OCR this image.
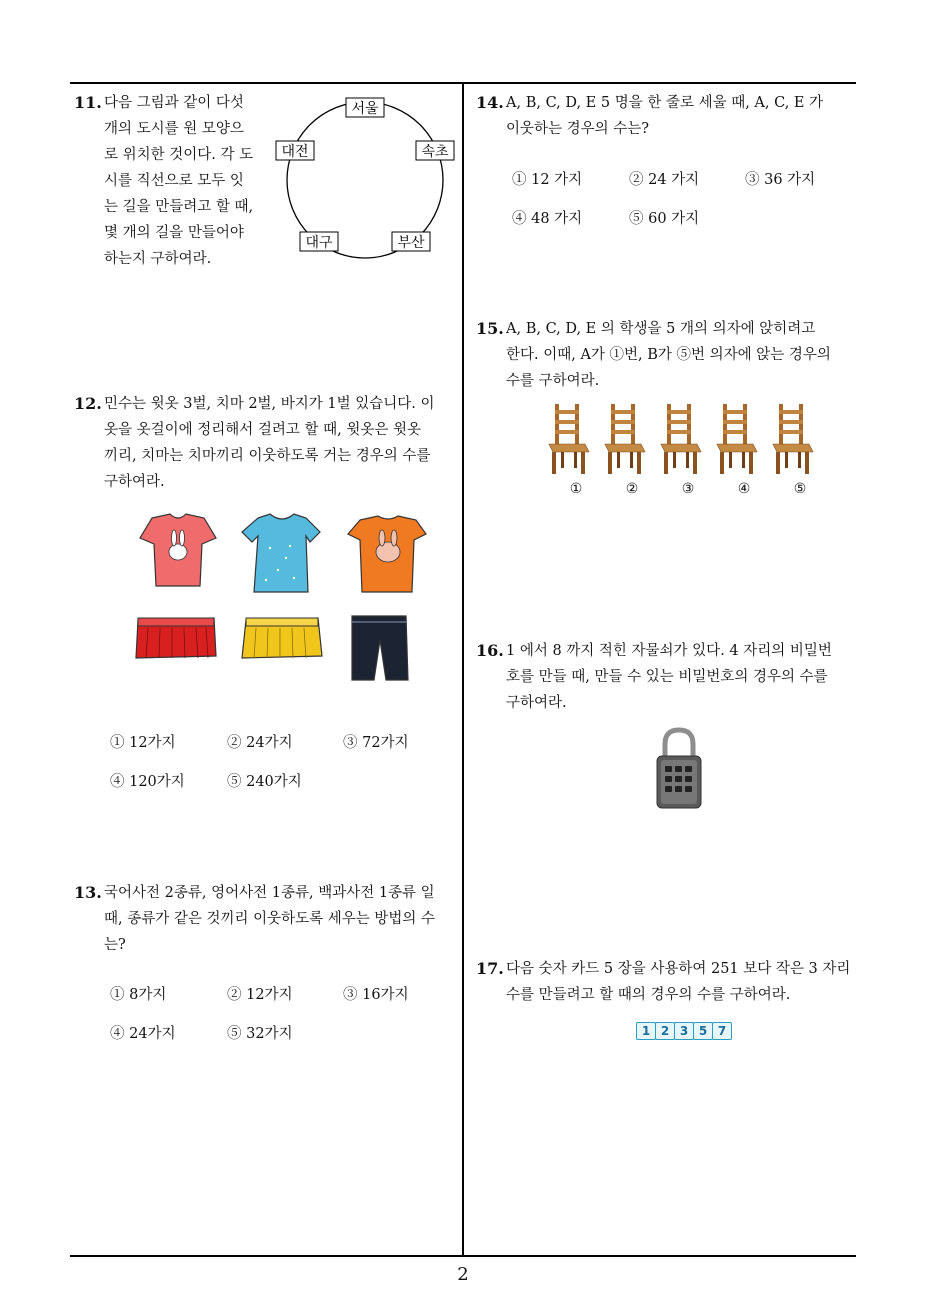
11. 다음 그림과 같이 다섯
개의 도시를 원 모양으
로 위치한 것이다. 각 도
시를 직선으로 모두 잇
는 길을 만들려고 할 때,
몇 개의 길을 만들어야
하는지 구하여라.
서울
속초
부산
대구
대전
12. 민수는 윗옷 3벌, 치마 2벌, 바지가 1벌 있습니다. 이
옷을 옷걸이에 정리해서 걸려고 할 때, 윗옷은 윗옷
끼리, 치마는 치마끼리 이웃하도록 거는 경우의 수를
구하여라.
① 12가지	② 24가지	③ 72가지
④ 120가지	⑤ 240가지
13. 국어사전 2종류, 영어사전 1종류, 백과사전 1종류 일
때, 종류가 같은 것끼리 이웃하도록 세우는 방법의 수
는?
① 8가지	② 12가지	③ 16가지
④ 24가지	⑤ 32가지
14. A, B, C, D, E 5 명을 한 줄로 세울 때, A, C, E 가
이웃하는 경우의 수는?
① 12 가지	② 24 가지	③ 36 가지
④ 48 가지	⑤ 60 가지
15. A, B, C, D, E 의 학생을 5 개의 의자에 앉히려고
한다. 이때, A가 ①번, B가 ⑤번 의자에 앉는 경우의
수를 구하여라.
①	②	③	④	⑤
16. 1 에서 8 까지 적힌 자물쇠가 있다. 4 자리의 비밀번
호를 만들 때, 만들 수 있는 비밀번호의 경우의 수를
구하여라.
17. 다음 숫자 카드 5 장을 사용하여 251 보다 작은 3 자리
수를 만들려고 할 때의 경우의 수를 구하여라.
1 2 3 5 7
2
